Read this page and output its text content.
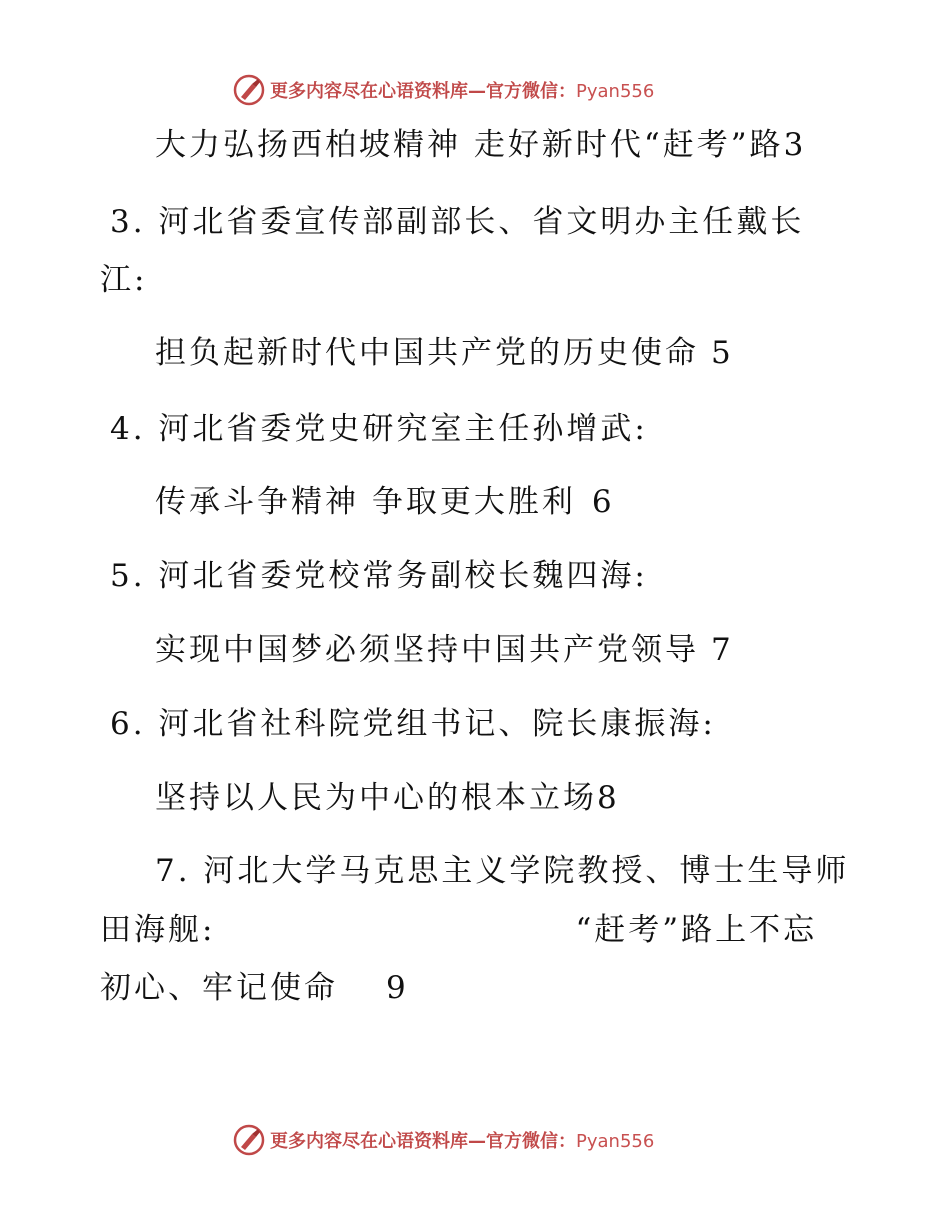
更多内容尽在心语资料库—官方微信：Pyan556
大力弘扬西柏坡精神 走好新时代“赶考”路3
3. 河北省委宣传部副部长、省文明办主任戴长
江:
担负起新时代中国共产党的历史使命 5
4. 河北省委党史研究室主任孙增武:
传承斗争精神 争取更大胜利 6
5. 河北省委党校常务副校长魏四海:
实现中国梦必须坚持中国共产党领导 7
6. 河北省社科院党组书记、院长康振海:
坚持以人民为中心的根本立场8
7. 河北大学马克思主义学院教授、博士生导师
田海舰:	“赶考”路上不忘
初心、牢记使命 9
更多内容尽在心语资料库—官方微信：Pyan556
